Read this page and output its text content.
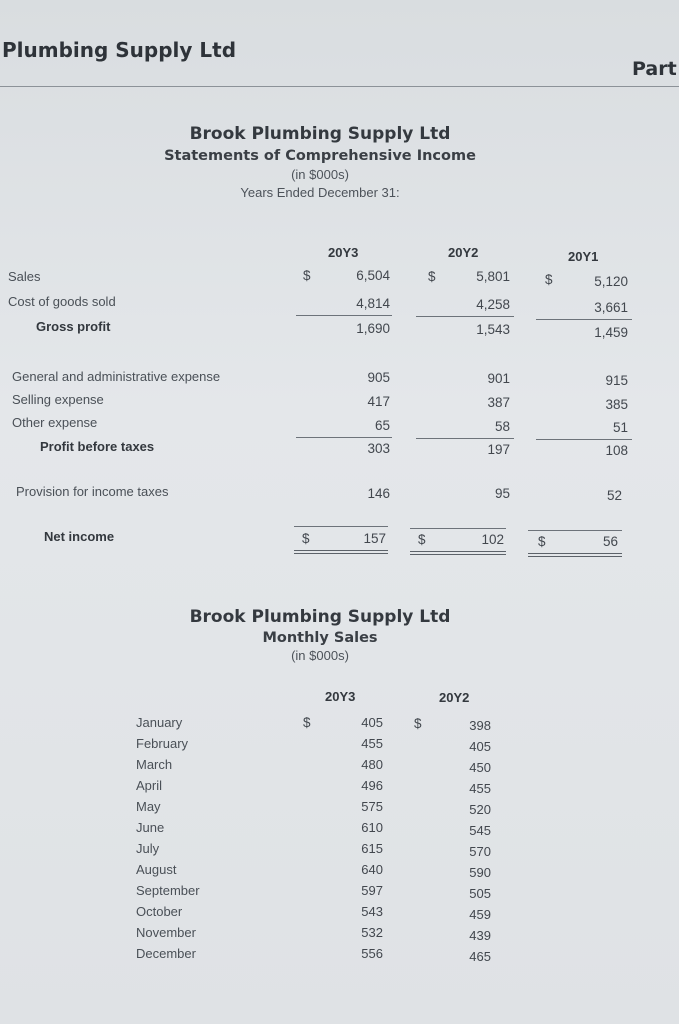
Plumbing Supply Ltd
Part
Brook Plumbing Supply Ltd
Statements of Comprehensive Income
(in $000s)
Years Ended December 31:
20Y3	20Y2	20Y1
Sales	$	6,504	$	5,801	$	5,120
Cost of goods sold	4,814	4,258	3,661
Gross profit	1,690	1,543	1,459
General and administrative expense	905	901	915
Selling expense	417	387	385
Other expense	65	58	51
Profit before taxes	303	197	108
Provision for income taxes	146	95	52
Net income	$	157 $	102	$	56
Brook Plumbing Supply Ltd
Monthly Sales
(in $000s)
20Y3	20Y2
$	$
January	405	398
February	455	405
March	480	450
April	496	455
May	575	520
June	610	545
July	615	570
August	640	590
September	597	505
October	543	459
November	532	439
December	556	465
